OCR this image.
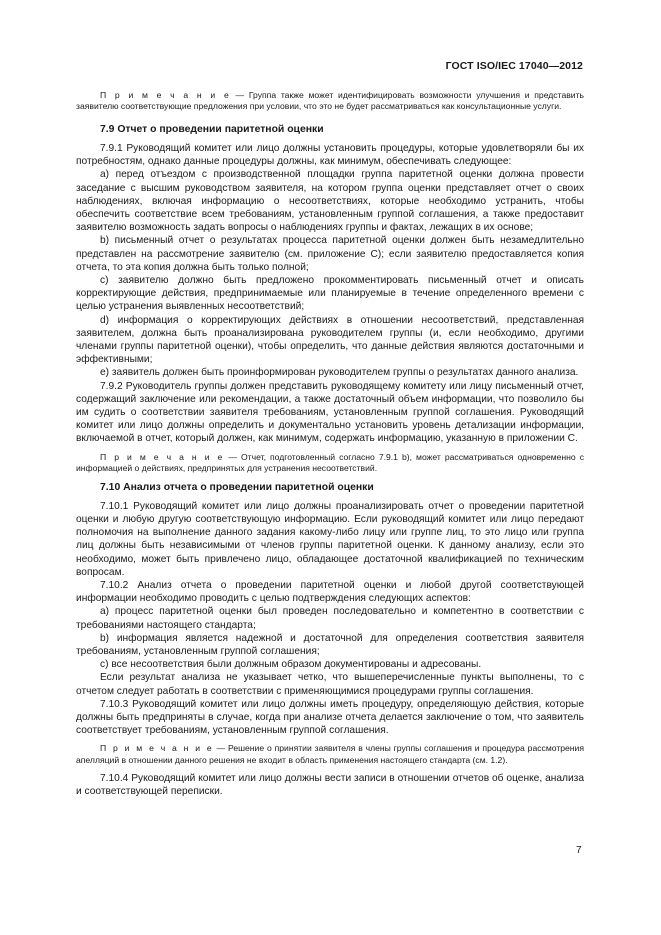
ГОСТ ISO/IEC 17040—2012

П р и м е ч а н и е — Группа также может идентифицировать возможности улучшения и представить заявителю соответствующие предложения при условии, что это не будет рассматриваться как консультационные услуги.

7.9 Отчет о проведении паритетной оценки

7.9.1 Руководящий комитет или лицо должны установить процедуры, которые удовлетворяли бы их потребностям, однако данные процедуры должны, как минимум, обеспечивать следующее:

а) перед отъездом с производственной площадки группа паритетной оценки должна провести заседание с высшим руководством заявителя, на котором группа оценки представляет отчет о своих наблюдениях, включая информацию о несоответствиях, которые необходимо устранить, чтобы обеспечить соответствие всем требованиям, установленным группой соглашения, а также предоставит заявителю возможность задать вопросы о наблюдениях группы и фактах, лежащих в их основе;

b) письменный отчет о результатах процесса паритетной оценки должен быть незамедлительно представлен на рассмотрение заявителю (см. приложение С); если заявителю предоставляется копия отчета, то эта копия должна быть только полной;

c) заявителю должно быть предложено прокомментировать письменный отчет и описать корректирующие действия, предпринимаемые или планируемые в течение определенного времени с целью устранения выявленных несоответствий;

d) информация о корректирующих действиях в отношении несоответствий, представленная заявителем, должна быть проанализирована руководителем группы (и, если необходимо, другими членами группы паритетной оценки), чтобы определить, что данные действия являются достаточными и эффективными;

e) заявитель должен быть проинформирован руководителем группы о результатах данного анализа.

7.9.2 Руководитель группы должен представить руководящему комитету или лицу письменный отчет, содержащий заключение или рекомендации, а также достаточный объем информации, что позволило бы им судить о соответствии заявителя требованиям, установленным группой соглашения. Руководящий комитет или лицо должны определить и документально установить уровень детализации информации, включаемой в отчет, который должен, как минимум, содержать информацию, указанную в приложении С.

П р и м е ч а н и е — Отчет, подготовленный согласно 7.9.1 b), может рассматриваться одновременно с информацией о действиях, предпринятых для устранения несоответствий.

7.10 Анализ отчета о проведении паритетной оценки

7.10.1 Руководящий комитет или лицо должны проанализировать отчет о проведении паритетной оценки и любую другую соответствующую информацию. Если руководящий комитет или лицо передают полномочия на выполнение данного задания какому-либо лицу или группе лиц, то это лицо или группа лиц должны быть независимыми от членов группы паритетной оценки. К данному анализу, если это необходимо, может быть привлечено лицо, обладающее достаточной квалификацией по техническим вопросам.

7.10.2 Анализ отчета о проведении паритетной оценки и любой другой соответствующей информации необходимо проводить с целью подтверждения следующих аспектов:

а) процесс паритетной оценки был проведен последовательно и компетентно в соответствии с требованиями настоящего стандарта;

b) информация является надежной и достаточной для определения соответствия заявителя требованиям, установленным группой соглашения;

c) все несоответствия были должным образом документированы и адресованы.

Если результат анализа не указывает четко, что вышеперечисленные пункты выполнены, то с отчетом следует работать в соответствии с применяющимися процедурами группы соглашения.

7.10.3 Руководящий комитет или лицо должны иметь процедуру, определяющую действия, которые должны быть предприняты в случае, когда при анализе отчета делается заключение о том, что заявитель соответствует требованиям, установленным группой соглашения.

П р и м е ч а н и е — Решение о принятии заявителя в члены группы соглашения и процедура рассмотрения апелляций в отношении данного решения не входит в область применения настоящего стандарта (см. 1.2).

7.10.4 Руководящий комитет или лицо должны вести записи в отношении отчетов об оценке, анализа и соответствующей переписки.

7
